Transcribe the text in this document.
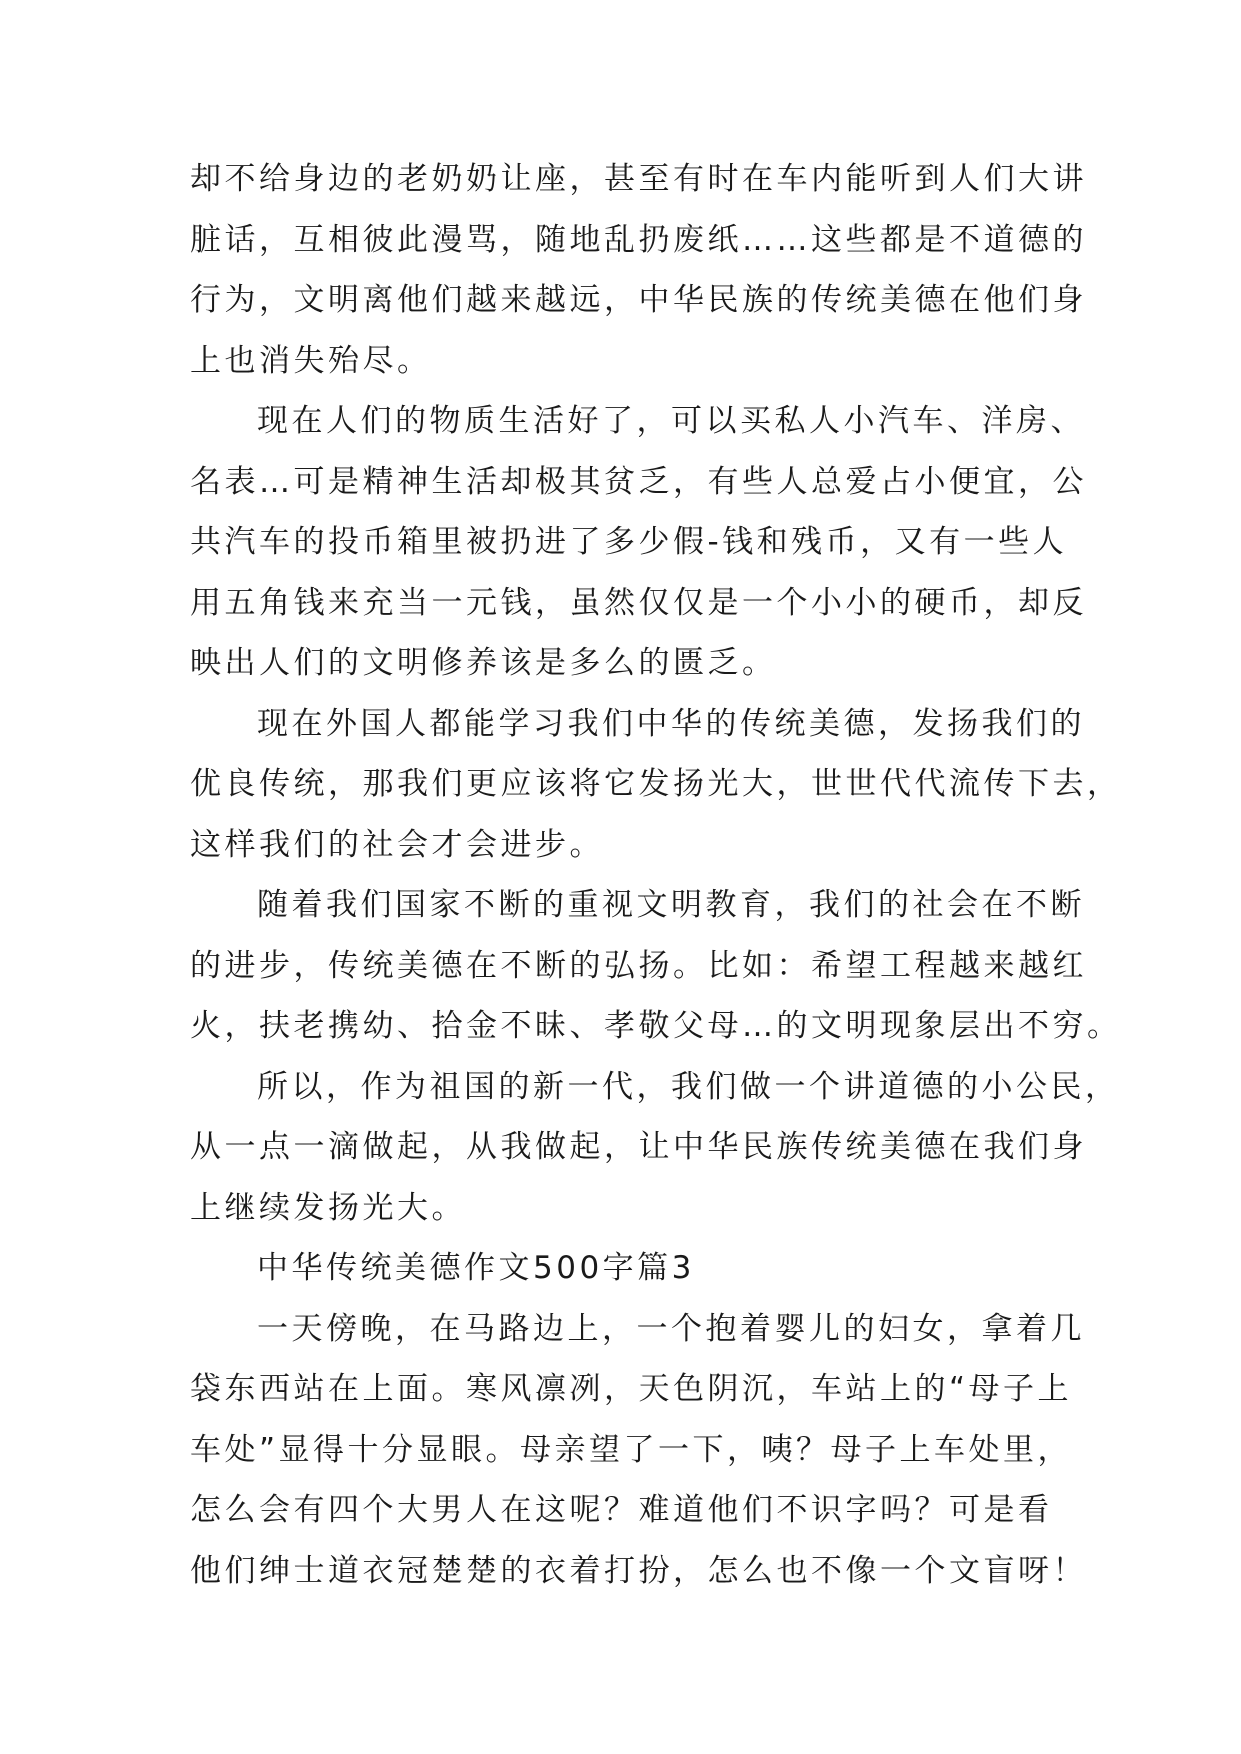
却不给身边的老奶奶让座，甚至有时在车内能听到人们大讲
脏话，互相彼此漫骂，随地乱扔废纸……这些都是不道德的
行为，文明离他们越来越远，中华民族的传统美德在他们身
上也消失殆尽。
现在人们的物质生活好了，可以买私人小汽车、洋房、
名表…可是精神生活却极其贫乏，有些人总爱占小便宜，公
共汽车的投币箱里被扔进了多少假-钱和残币，又有一些人
用五角钱来充当一元钱，虽然仅仅是一个小小的硬币，却反
映出人们的文明修养该是多么的匮乏。
现在外国人都能学习我们中华的传统美德，发扬我们的
优良传统，那我们更应该将它发扬光大，世世代代流传下去，
这样我们的社会才会进步。
随着我们国家不断的重视文明教育，我们的社会在不断
的进步，传统美德在不断的弘扬。比如：希望工程越来越红
火，扶老携幼、拾金不昧、孝敬父母…的文明现象层出不穷。
所以，作为祖国的新一代，我们做一个讲道德的小公民，
从一点一滴做起，从我做起，让中华民族传统美德在我们身
上继续发扬光大。
中华传统美德作文500字篇3
一天傍晚，在马路边上，一个抱着婴儿的妇女，拿着几
袋东西站在上面。寒风凛冽，天色阴沉，车站上的“母子上
车处”显得十分显眼。母亲望了一下，咦？母子上车处里，
怎么会有四个大男人在这呢？难道他们不识字吗？可是看
他们绅士道衣冠楚楚的衣着打扮，怎么也不像一个文盲呀！
